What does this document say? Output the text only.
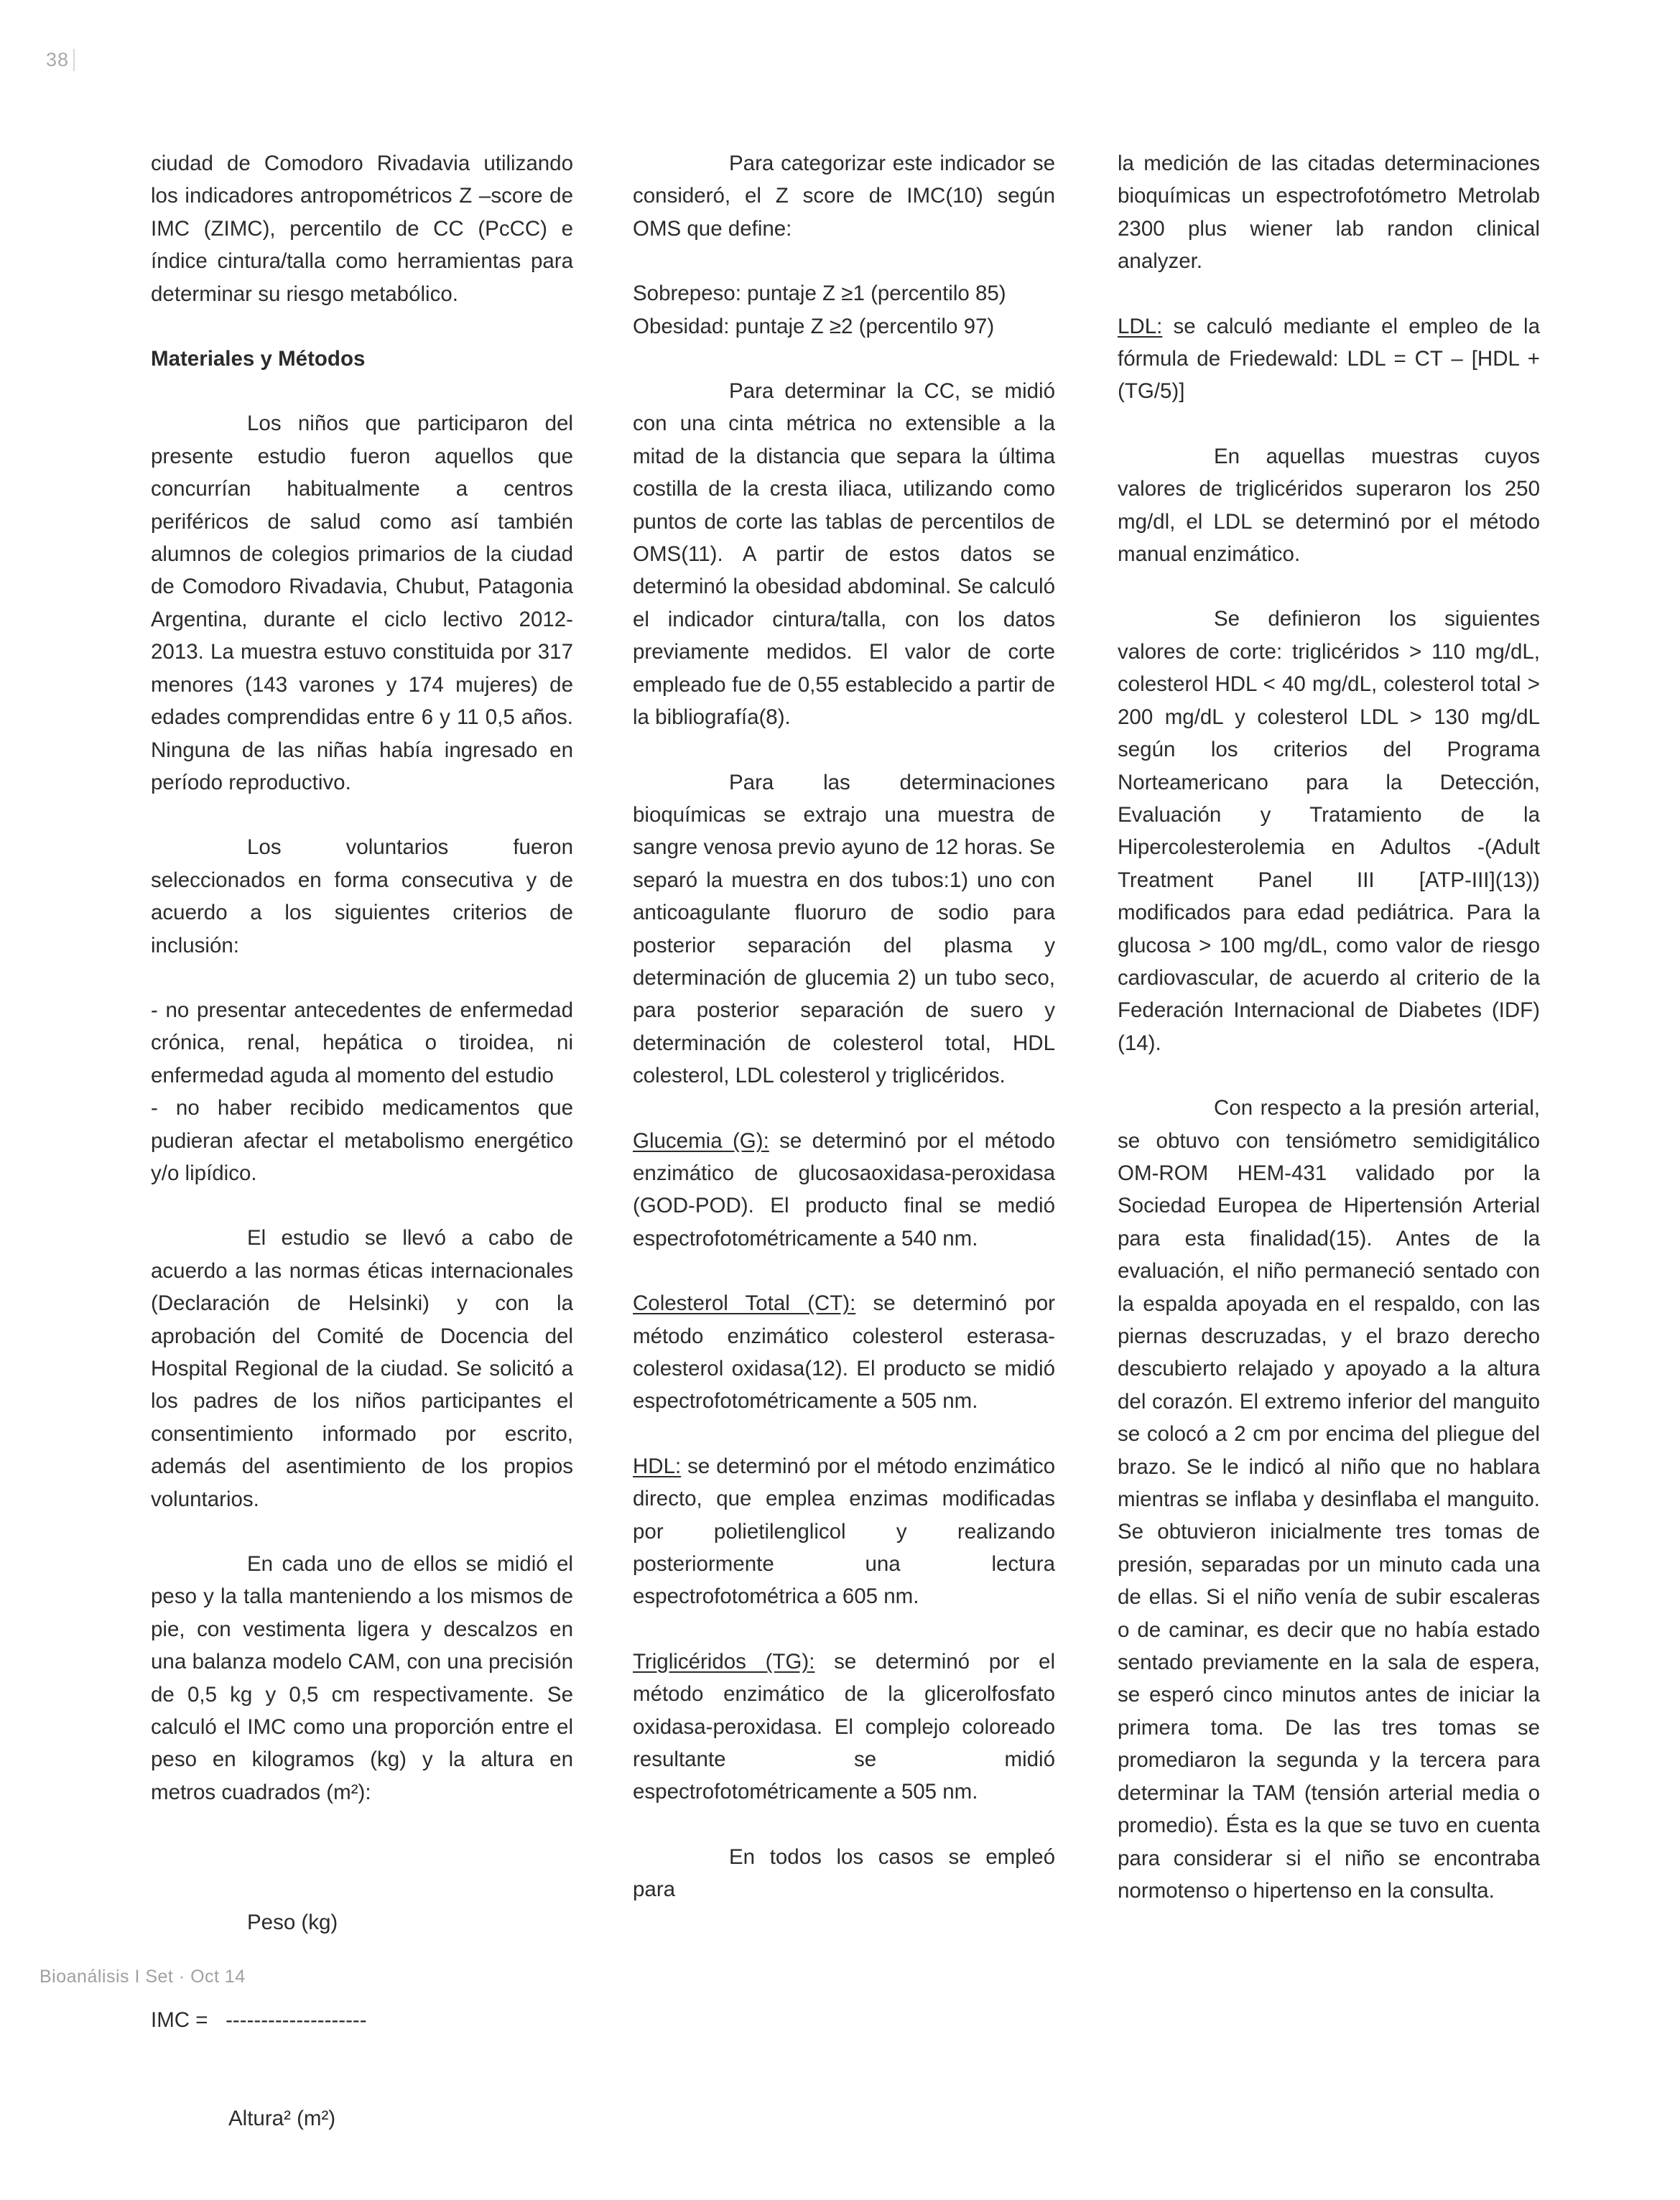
38

ciudad de Comodoro Rivadavia utilizando los indicadores antropométricos Z –score de IMC (ZIMC), percentilo de CC (PcCC) e índice cintura/talla como herramientas para determinar su riesgo metabólico.

Materiales y Métodos

Los niños que participaron del presente estudio fueron aquellos que concurrían habitualmente a centros periféricos de salud como así también alumnos de colegios primarios de la ciudad de Comodoro Rivadavia, Chubut, Patagonia Argentina, durante el ciclo lectivo 2012-2013. La muestra estuvo constituida por 317 menores (143 varones y 174 mujeres) de edades comprendidas entre 6 y 11 0,5 años. Ninguna de las niñas había ingresado en período reproductivo.

Los voluntarios fueron seleccionados en forma consecutiva y de acuerdo a los siguientes criterios de inclusión:

- no presentar antecedentes de enfermedad crónica, renal, hepática o tiroidea, ni enfermedad aguda al momento del estudio

- no haber recibido medicamentos que pudieran afectar el metabolismo energético y/o lipídico.

El estudio se llevó a cabo de acuerdo a las normas éticas internacionales (Declaración de Helsinki) y con la aprobación del Comité de Docencia del Hospital Regional de la ciudad. Se solicitó a los padres de los niños participantes el consentimiento informado por escrito, además del asentimiento de los propios voluntarios.

En cada uno de ellos se midió el peso y la talla manteniendo a los mismos de pie, con vestimenta ligera y descalzos en una balanza modelo CAM, con una precisión de 0,5 kg y 0,5 cm respectivamente. Se calculó el IMC como una proporción entre el peso en kilogramos (kg) y la altura en metros cuadrados (m²):

Peso (kg)

IMC = --------------------

Altura² (m²)

Para categorizar este indicador se consideró, el Z score de IMC(10) según OMS que define:

Sobrepeso: puntaje Z ≥1 (percentilo 85)

Obesidad: puntaje Z ≥2 (percentilo 97)

Para determinar la CC, se midió con una cinta métrica no extensible a la mitad de la distancia que separa la última costilla de la cresta iliaca, utilizando como puntos de corte las tablas de percentilos de OMS(11). A partir de estos datos se determinó la obesidad abdominal. Se calculó el indicador cintura/talla, con los datos previamente medidos. El valor de corte empleado fue de 0,55 establecido a partir de la bibliografía(8).

Para las determinaciones bioquímicas se extrajo una muestra de sangre venosa previo ayuno de 12 horas. Se separó la muestra en dos tubos:1) uno con anticoagulante fluoruro de sodio para posterior separación del plasma y determinación de glucemia 2) un tubo seco, para posterior separación de suero y determinación de colesterol total, HDL colesterol, LDL colesterol y triglicéridos.

Glucemia (G): se determinó por el método enzimático de glucosaoxidasa-peroxidasa (GOD-POD). El producto final se medió espectrofotométricamente a 540 nm.

Colesterol Total (CT): se determinó por método enzimático colesterol esterasa-colesterol oxidasa(12). El producto se midió espectrofotométricamente a 505 nm.

HDL: se determinó por el método enzimático directo, que emplea enzimas modificadas por polietilenglicol y realizando posteriormente una lectura espectrofotométrica a 605 nm.

Triglicéridos (TG): se determinó por el método enzimático de la glicerolfosfato oxidasa-peroxidasa. El complejo coloreado resultante se midió espectrofotométricamente a 505 nm.

En todos los casos se empleó para

la medición de las citadas determinaciones bioquímicas un espectrofotómetro Metrolab 2300 plus wiener lab randon clinical analyzer.

LDL: se calculó mediante el empleo de la fórmula de Friedewald: LDL = CT – [HDL + (TG/5)]

En aquellas muestras cuyos valores de triglicéridos superaron los 250 mg/dl, el LDL se determinó por el método manual enzimático.

Se definieron los siguientes valores de corte: triglicéridos > 110 mg/dL, colesterol HDL < 40 mg/dL, colesterol total > 200 mg/dL y colesterol LDL > 130 mg/dL según los criterios del Programa Norteamericano para la Detección, Evaluación y Tratamiento de la Hipercolesterolemia en Adultos -(Adult Treatment Panel III [ATP-III](13)) modificados para edad pediátrica. Para la glucosa > 100 mg/dL, como valor de riesgo cardiovascular, de acuerdo al criterio de la Federación Internacional de Diabetes (IDF)(14).

Con respecto a la presión arterial, se obtuvo con tensiómetro semidigitálico OM-ROM HEM-431 validado por la Sociedad Europea de Hipertensión Arterial para esta finalidad(15). Antes de la evaluación, el niño permaneció sentado con la espalda apoyada en el respaldo, con las piernas descruzadas, y el brazo derecho descubierto relajado y apoyado a la altura del corazón. El extremo inferior del manguito se colocó a 2 cm por encima del pliegue del brazo. Se le indicó al niño que no hablara mientras se inflaba y desinflaba el manguito. Se obtuvieron inicialmente tres tomas de presión, separadas por un minuto cada una de ellas. Si el niño venía de subir escaleras o de caminar, es decir que no había estado sentado previamente en la sala de espera, se esperó cinco minutos antes de iniciar la primera toma. De las tres tomas se promediaron la segunda y la tercera para determinar la TAM (tensión arterial media o promedio). Ésta es la que se tuvo en cuenta para considerar si el niño se encontraba normotenso o hipertenso en la consulta.

Bioanálisis I Set · Oct 14
